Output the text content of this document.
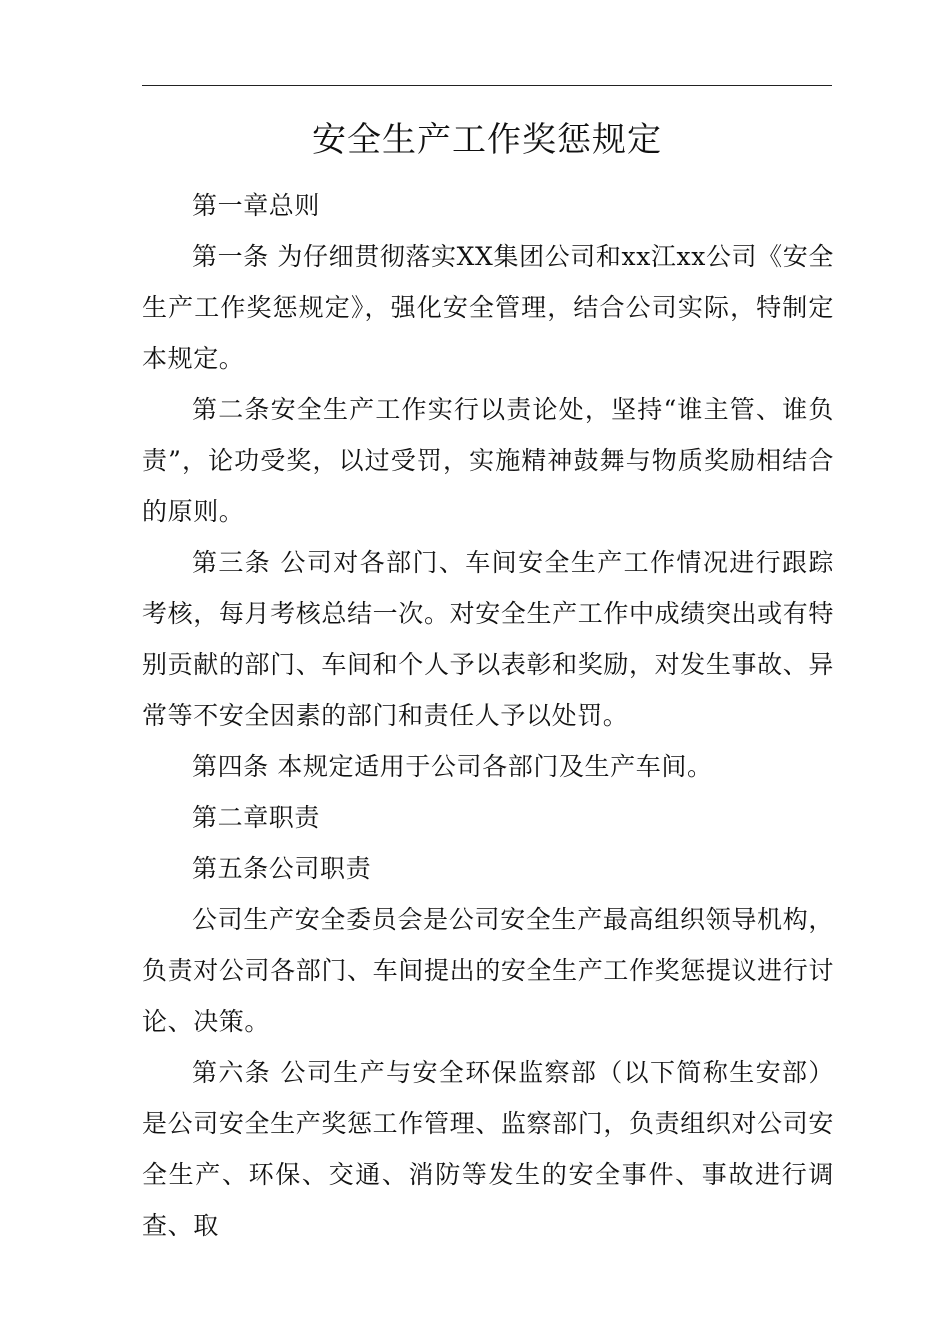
安全生产工作奖惩规定

第一章总则

第一条 为仔细贯彻落实XX集团公司和xx江xx公司《安全生产工作奖惩规定》，强化安全管理，结合公司实际，特制定本规定。

第二条安全生产工作实行以责论处，坚持“谁主管、谁负责”，论功受奖，以过受罚，实施精神鼓舞与物质奖励相结合的原则。

第三条 公司对各部门、车间安全生产工作情况进行跟踪考核，每月考核总结一次。对安全生产工作中成绩突出或有特别贡献的部门、车间和个人予以表彰和奖励，对发生事故、异常等不安全因素的部门和责任人予以处罚。

第四条 本规定适用于公司各部门及生产车间。

第二章职责

第五条公司职责

公司生产安全委员会是公司安全生产最高组织领导机构，负责对公司各部门、车间提出的安全生产工作奖惩提议进行讨论、决策。

第六条 公司生产与安全环保监察部（以下简称生安部）是公司安全生产奖惩工作管理、监察部门，负责组织对公司安全生产、环保、交通、消防等发生的安全事件、事故进行调查、取
